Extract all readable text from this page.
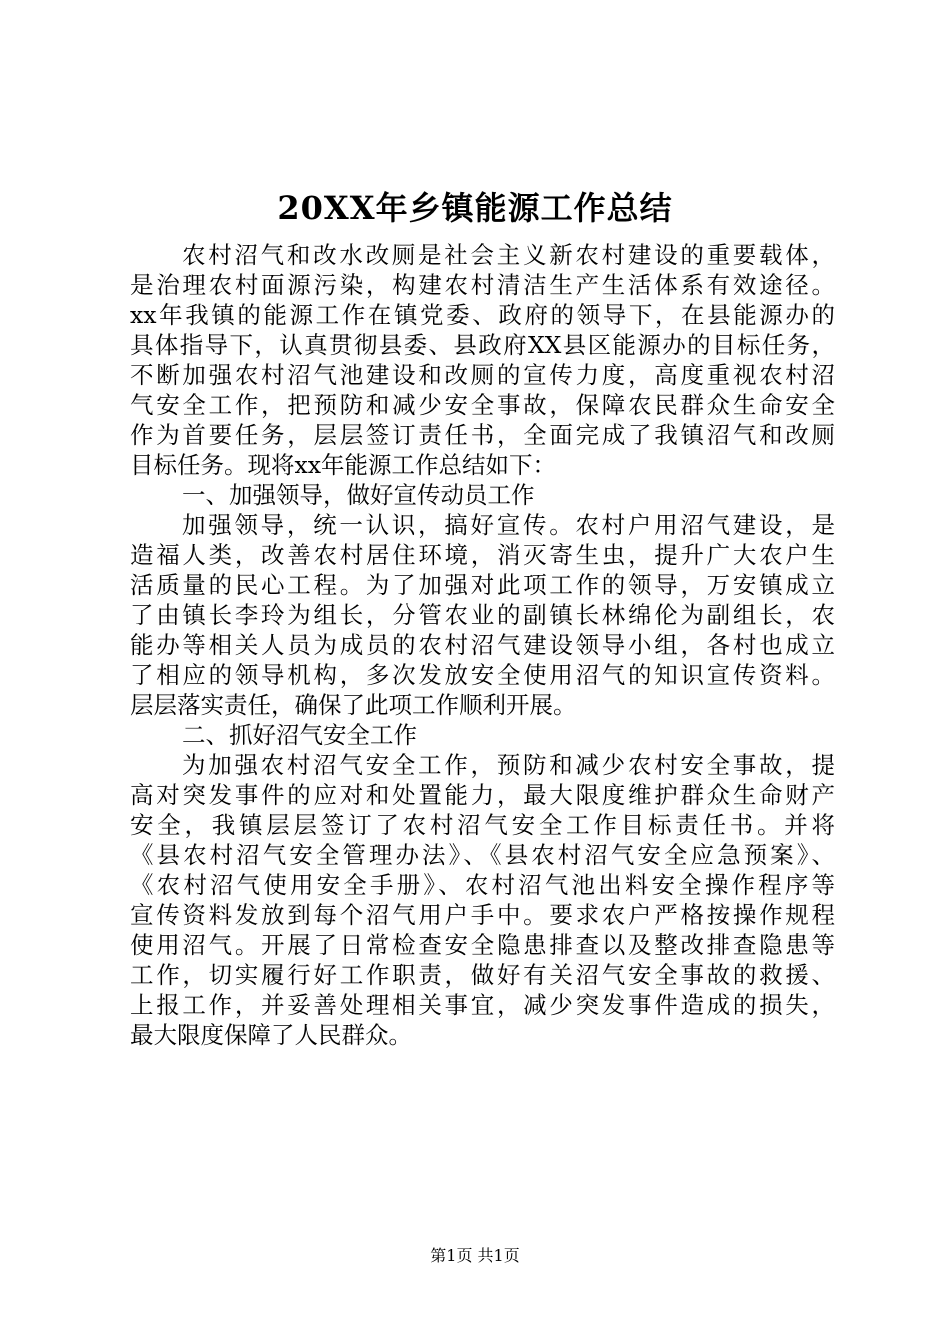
20XX年乡镇能源工作总结
农村沼气和改水改厕是社会主义新农村建设的重要载体，
是治理农村面源污染，构建农村清洁生产生活体系有效途径。
xx年我镇的能源工作在镇党委、政府的领导下，在县能源办的
具体指导下，认真贯彻县委、县政府XX县区能源办的目标任务，
不断加强农村沼气池建设和改厕的宣传力度，高度重视农村沼
气安全工作，把预防和减少安全事故，保障农民群众生命安全
作为首要任务，层层签订责任书，全面完成了我镇沼气和改厕
目标任务。现将xx年能源工作总结如下：
一、加强领导，做好宣传动员工作
加强领导，统一认识，搞好宣传。农村户用沼气建设，是
造福人类，改善农村居住环境，消灭寄生虫，提升广大农户生
活质量的民心工程。为了加强对此项工作的领导，万安镇成立
了由镇长李玲为组长，分管农业的副镇长林绵伦为副组长，农
能办等相关人员为成员的农村沼气建设领导小组，各村也成立
了相应的领导机构，多次发放安全使用沼气的知识宣传资料。
层层落实责任，确保了此项工作顺利开展。
二、抓好沼气安全工作
为加强农村沼气安全工作，预防和减少农村安全事故，提
高对突发事件的应对和处置能力，最大限度维护群众生命财产
安全，我镇层层签订了农村沼气安全工作目标责任书。并将
《县农村沼气安全管理办法》、《县农村沼气安全应急预案》、
《农村沼气使用安全手册》、农村沼气池出料安全操作程序等
宣传资料发放到每个沼气用户手中。要求农户严格按操作规程
使用沼气。开展了日常检查安全隐患排查以及整改排查隐患等
工作，切实履行好工作职责，做好有关沼气安全事故的救援、
上报工作，并妥善处理相关事宜，减少突发事件造成的损失，
最大限度保障了人民群众。
第1页 共1页
